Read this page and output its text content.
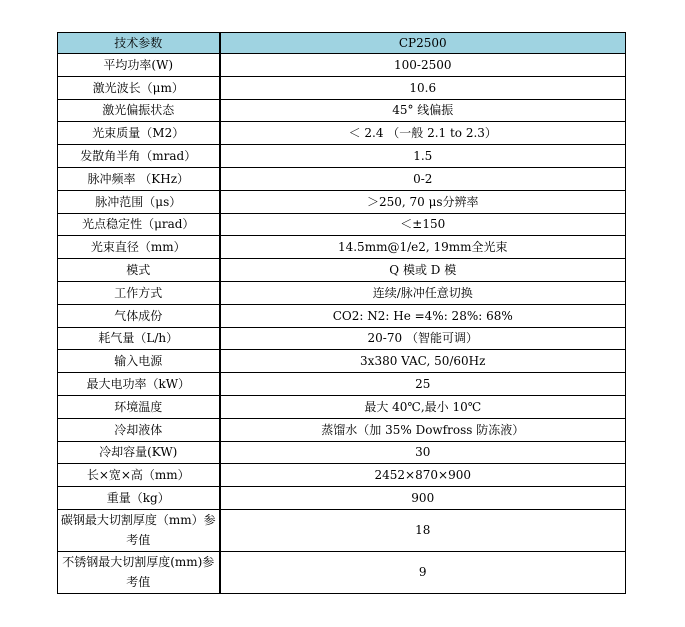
技术参数	CP2500
平均功率(W)	100-2500
激光波长（μm）	10.6
激光偏振状态	45° 线偏振
光束质量（M2）	＜ 2.4 （一般 2.1 to 2.3）
发散角半角（mrad）	1.5
脉冲频率 （KHz）	0-2
脉冲范围（μs）	＞250, 70 μs分辨率
光点稳定性（μrad）	＜±150
光束直径（mm）	14.5mm@1/e2, 19mm全光束
模式	Q 模或 D 模
工作方式	连续/脉冲任意切换
气体成份	CO2: N2: He =4%: 28%: 68%
耗气量（L/h）	20-70 （智能可调）
输入电源	3x380 VAC, 50/60Hz
最大电功率（kW）	25
环境温度	最大 40℃,最小 10℃
冷却液体	蒸馏水（加 35% Dowfross 防冻液）
冷却容量(KW)	30
长×宽×高（mm）	2452×870×900
重量（kg）	900
碳钢最大切割厚度（mm）参考值	18
不锈钢最大切割厚度(mm)参考值	9
